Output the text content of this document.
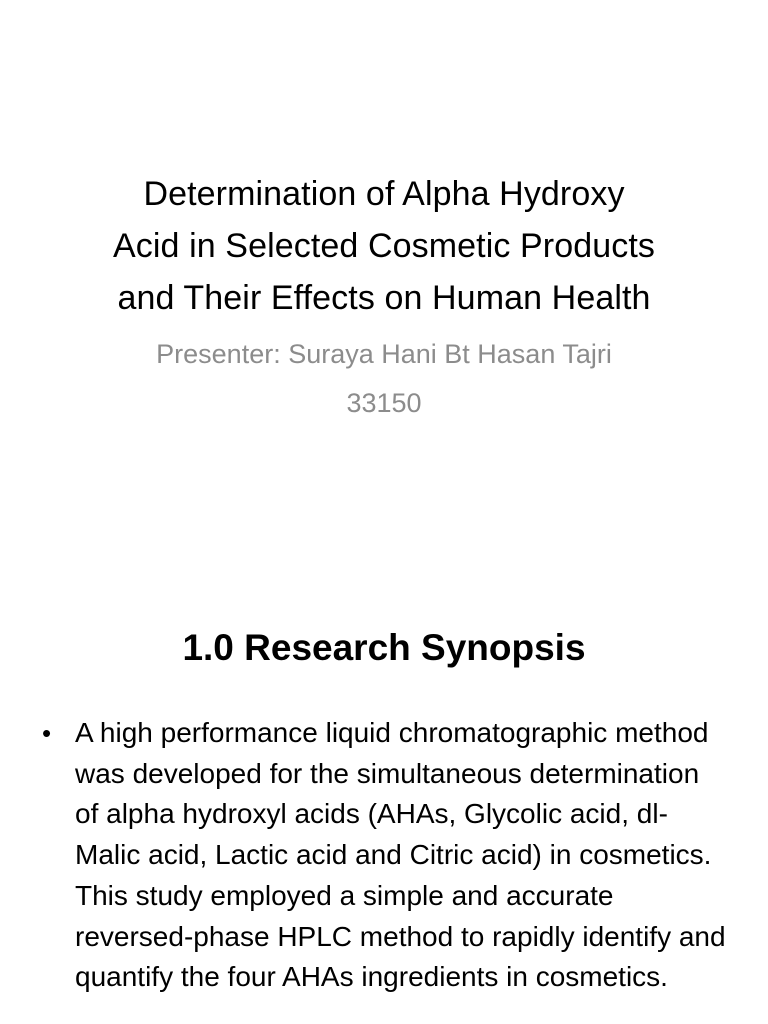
Determination of Alpha Hydroxy
Acid in Selected Cosmetic Products
and Their Effects on Human Health
Presenter: Suraya Hani Bt Hasan Tajri
33150
1.0 Research Synopsis
• A high performance liquid chromatographic method was developed for the simultaneous determination of alpha hydroxyl acids (AHAs, Glycolic acid, dl-Malic acid, Lactic acid and Citric acid) in cosmetics. This study employed a simple and accurate reversed-phase HPLC method to rapidly identify and quantify the four AHAs ingredients in cosmetics.
